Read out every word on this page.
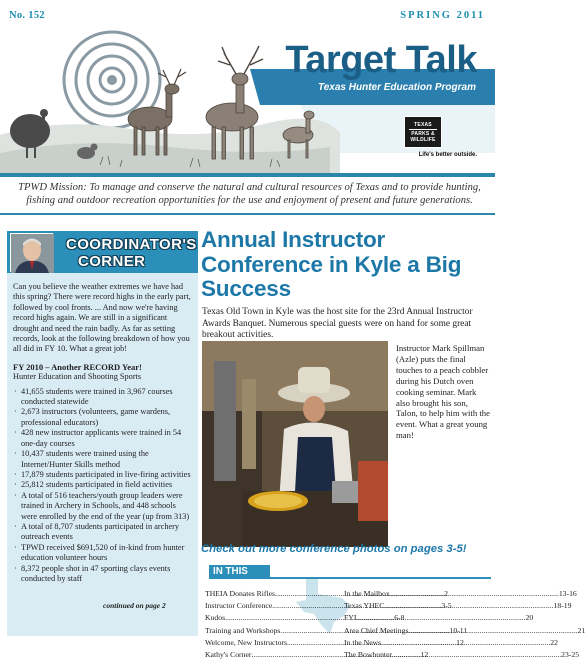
No. 152	SPRING 2011
Target Talk
Texas Hunter Education Program
TEXAS
PARKS &
WILDLIFE
Life's better outside.
TPWD Mission: To manage and conserve the natural and cultural resources of Texas and to provide hunting, fishing and outdoor recreation opportunities for the use and enjoyment of present and future generations.
COORDINATOR'S
CORNER

Can you believe the weather extremes we have had this spring? There were record highs in the early part, followed by cool fronts. ... And now we're having record highs again. We are still in a significant drought and need the rain badly. As far as setting records, look at the following breakdown of how you all did in FY 10. What a great job!

FY 2010 – Another RECORD Year!
Hunter Education and Shooting Sports
· 41,655 students were trained in 3,967 courses conducted statewide
· 2,673 instructors (volunteers, game wardens, professional educators)
· 428 new instructor applicants were trained in 54 one-day courses
· 10,437 students were trained using the Internet/Hunter Skills method
· 17,879 students participated in live-firing activities
· 25,812 students participated in field activities
· A total of 516 teachers/youth group leaders were trained in Archery in Schools, and 448 schools were enrolled by the end of the year (up from 313)
· A total of 8,707 students participated in archery outreach events
· TPWD received $691,520 of in-kind from hunter education volunteer hours
· 8,372 people shot in 47 sporting clays events conducted by staff
continued on page 2
Annual Instructor Conference in Kyle a Big Success
Texas Old Town in Kyle was the host site for the 23rd Annual Instructor Awards Banquet. Numerous special guests were on hand for some great breakout activities.
Instructor Mark Spillman (Azle) puts the final touches to a peach cobbler during his Dutch oven cooking seminar. Mark also brought his son, Talon, to help him with the event. What a great young man!
Check out more conference photos on pages 3-5!
IN THIS ISSUE
THEIA Donates Rifles .....	2
Instructor Conference .....	3-5
Kudos .....	6-8
Training and Workshops .....	10-11
Welcome, New Instructors .....	12
Kathy's Corner .....	12
In the Mailbox .....	13-16
Texas YHEC .....	18-19
FYI .....	20
Area Chief Meetings .....	21
In the News .....	22
The Bowhunter .....	23-25
